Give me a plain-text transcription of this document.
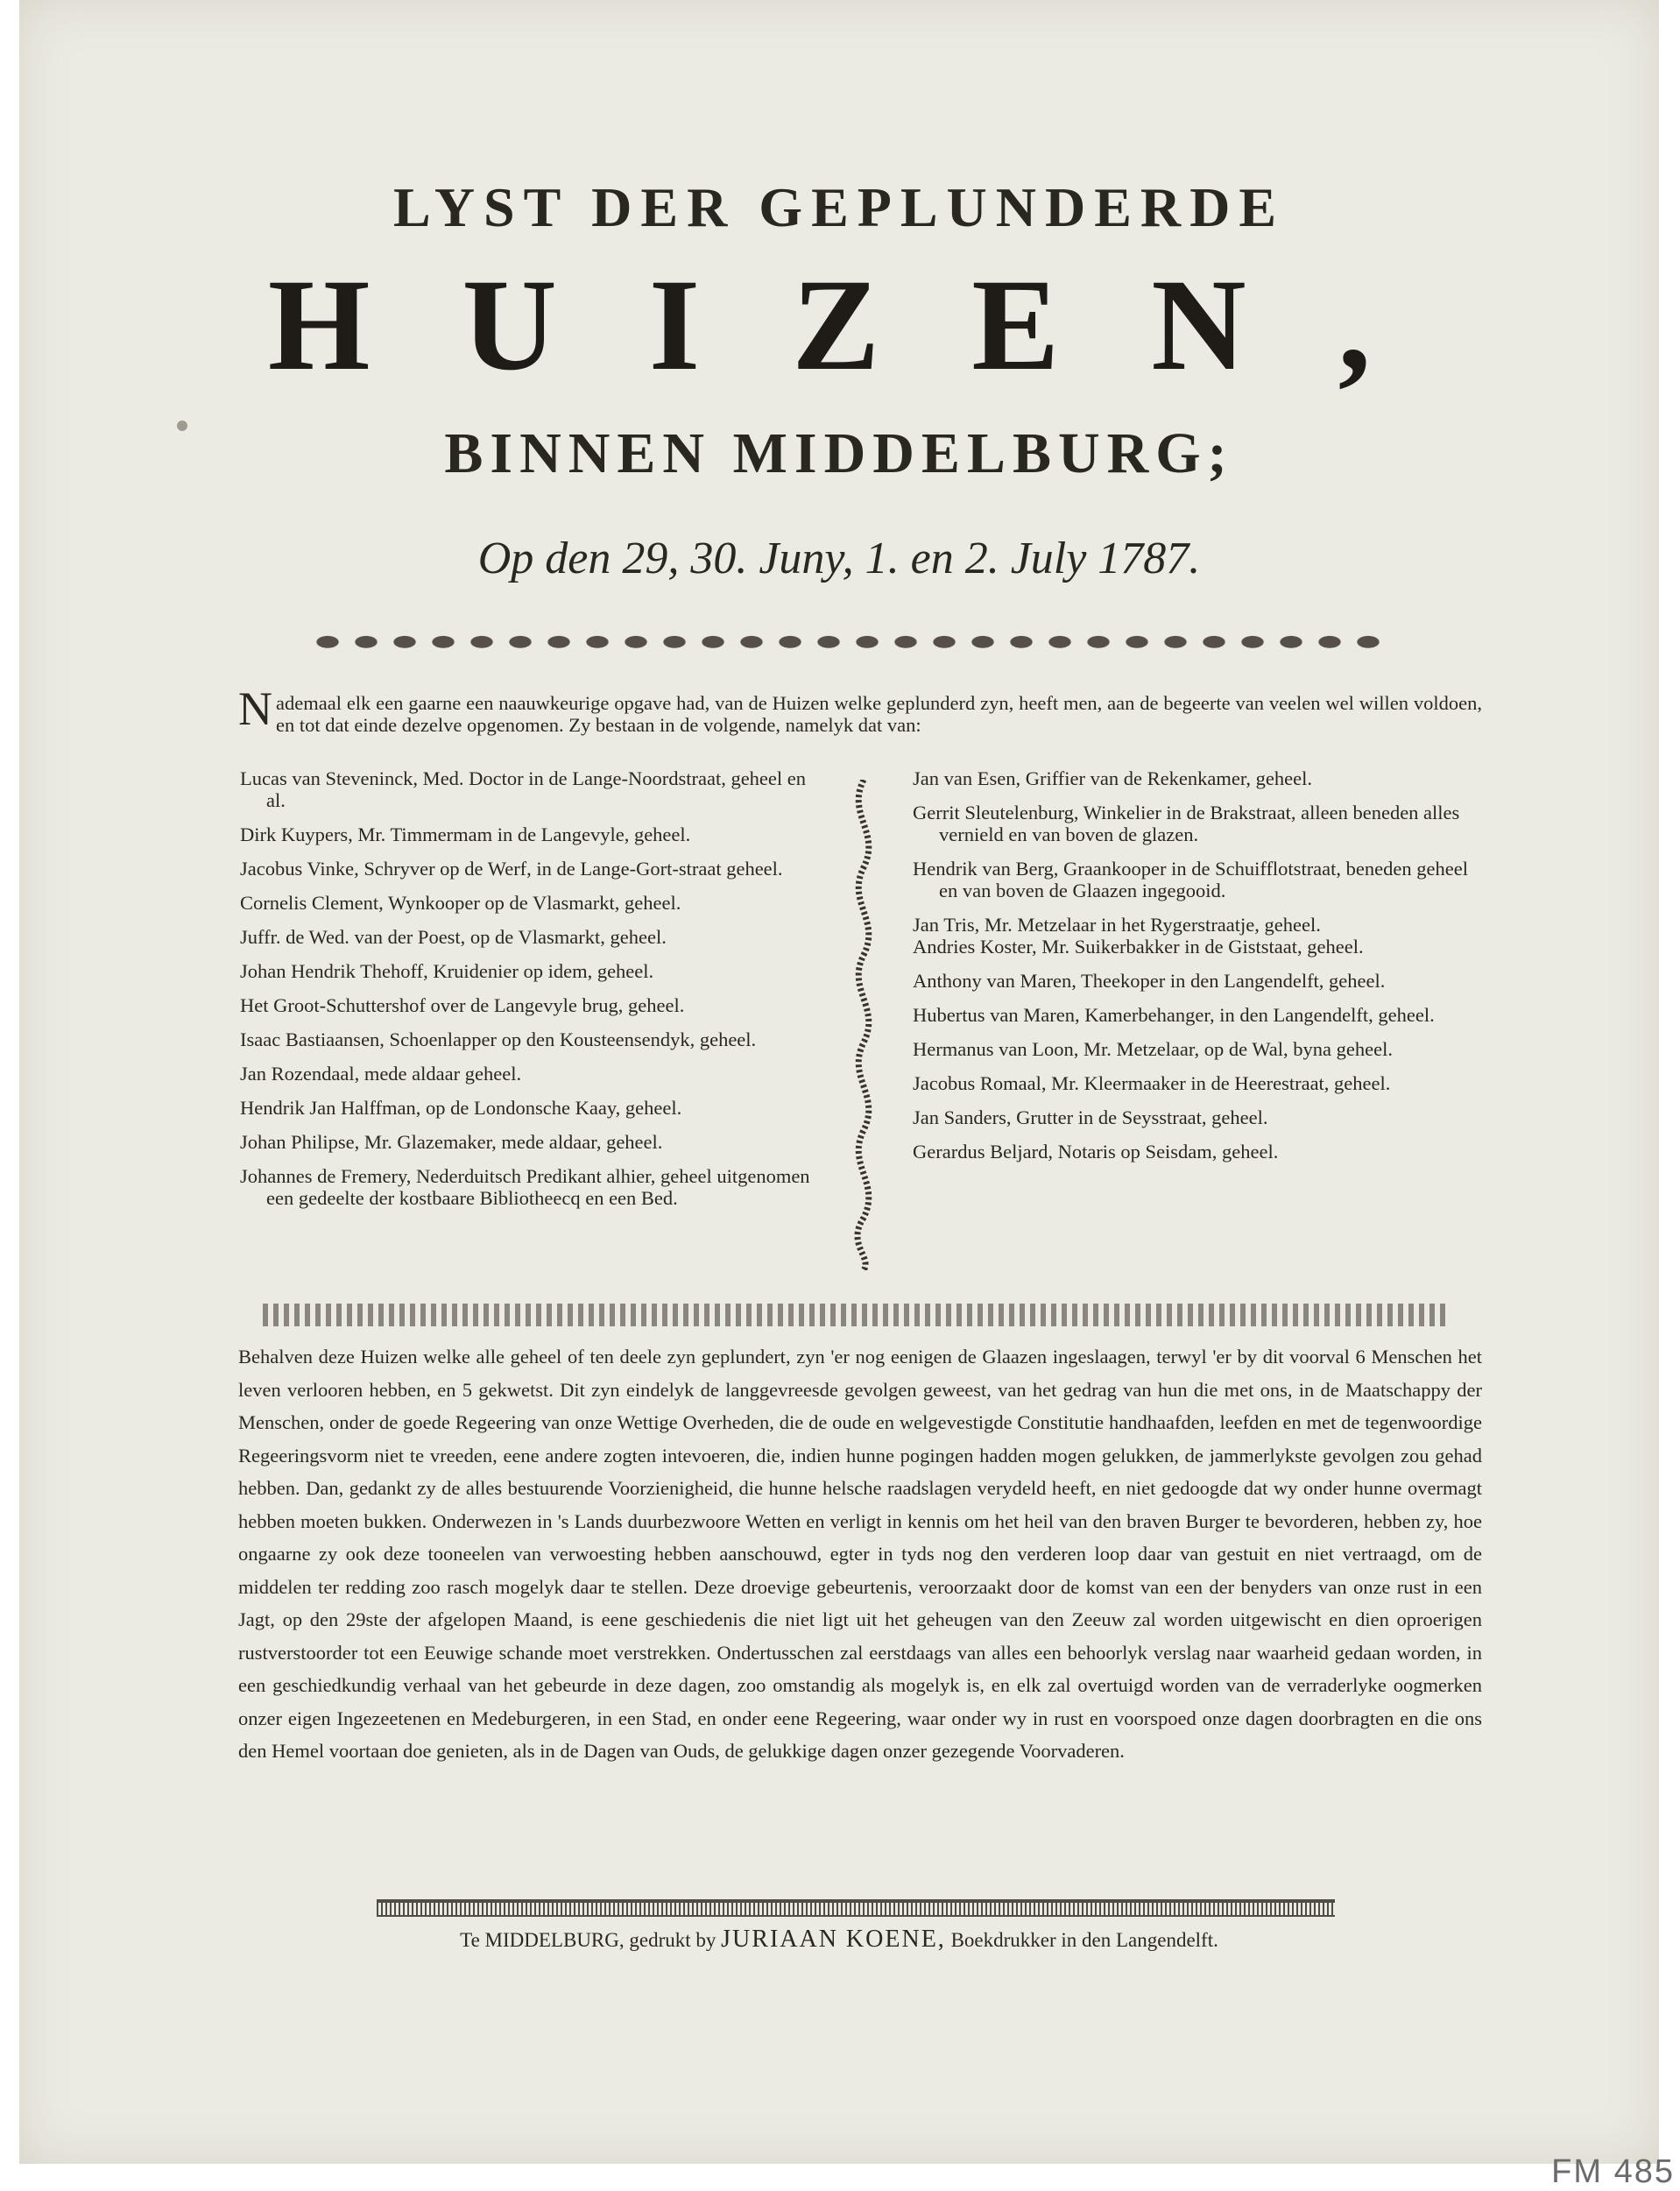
LYST DER GEPLUNDERDE
HUIZEN,
BINNEN MIDDELBURG;
Op den 29, 30. Juny, 1. en 2. July 1787.
Nademaal elk een gaarne een naauwkeurige opgave had, van de Huizen welke geplunderd zyn, heeft men, aan de begeerte van veelen wel willen voldoen, en tot dat einde dezelve opgenomen. Zy bestaan in de volgende, namelyk dat van:
Lucas van Steveninck, Med. Doctor in de Lange-Noordstraat, geheel en al.
Dirk Kuypers, Mr. Timmermam in de Langevyle, geheel.
Jacobus Vinke, Schryver op de Werf, in de Lange-Gort-straat geheel.
Cornelis Clement, Wynkooper op de Vlasmarkt, geheel.
Juffr. de Wed. van der Poest, op de Vlasmarkt, geheel.
Johan Hendrik Thehoff, Kruidenier op idem, geheel.
Het Groot-Schuttershof over de Langevyle brug, geheel.
Isaac Bastiaansen, Schoenlapper op den Kousteensendyk, geheel.
Jan Rozendaal, mede aldaar geheel.
Hendrik Jan Halffman, op de Londonsche Kaay, geheel.
Johan Philipse, Mr. Glazemaker, mede aldaar, geheel.
Johannes de Fremery, Nederduitsch Predikant alhier, geheel uitgenomen een gedeelte der kostbaare Bibliotheecq en een Bed.
Jan van Esen, Griffier van de Rekenkamer, geheel.
Gerrit Sleutelenburg, Winkelier in de Brakstraat, alleen beneden alles vernield en van boven de glazen.
Hendrik van Berg, Graankooper in de Schuifflotstraat, beneden geheel en van boven de Glaazen ingegooid.
Jan Tris, Mr. Metzelaar in het Rygerstraatje, geheel.
Andries Koster, Mr. Suikerbakker in de Giststaat, geheel.
Anthony van Maren, Theekoper in den Langendelft, geheel.
Hubertus van Maren, Kamerbehanger, in den Langendelft, geheel.
Hermanus van Loon, Mr. Metzelaar, op de Wal, byna geheel.
Jacobus Romaal, Mr. Kleermaaker in de Heerestraat, geheel.
Jan Sanders, Grutter in de Seysstraat, geheel.
Gerardus Beljard, Notaris op Seisdam, geheel.
Behalven deze Huizen welke alle geheel of ten deele zyn geplundert, zyn 'er nog eenigen de Glaazen ingeslaagen, terwyl 'er by dit voorval 6 Menschen het leven verlooren hebben, en 5 gekwetst. Dit zyn eindelyk de langgevreesde gevolgen geweest, van het gedrag van hun die met ons, in de Maatschappy der Menschen, onder de goede Regeering van onze Wettige Overheden, die de oude en welgevestigde Constitutie handhaafden, leefden en met de tegenwoordige Regeeringsvorm niet te vreeden, eene andere zogten intevoeren, die, indien hunne pogingen hadden mogen gelukken, de jammerlykste gevolgen zou gehad hebben. Dan, gedankt zy de alles bestuurende Voorzienigheid, die hunne helsche raadslagen verydeld heeft, en niet gedoogde dat wy onder hunne overmagt hebben moeten bukken. Onderwezen in 's Lands duurbezwoore Wetten en verligt in kennis om het heil van den braven Burger te bevorderen, hebben zy, hoe ongaarne zy ook deze tooneelen van verwoesting hebben aanschouwd, egter in tyds nog den verderen loop daar van gestuit en niet vertraagd, om de middelen ter redding zoo rasch mogelyk daar te stellen. Deze droevige gebeurtenis, veroorzaakt door de komst van een der benyders van onze rust in een Jagt, op den 29ste der afgelopen Maand, is eene geschiedenis die niet ligt uit het geheugen van den Zeeuw zal worden uitgewischt en dien oproerigen rustverstoorder tot een Eeuwige schande moet verstrekken. Ondertusschen zal eerstdaags van alles een behoorlyk verslag naar waarheid gedaan worden, in een geschiedkundig verhaal van het gebeurde in deze dagen, zoo omstandig als mogelyk is, en elk zal overtuigd worden van de verraderlyke oogmerken onzer eigen Ingezeetenen en Medeburgeren, in een Stad, en onder eene Regeering, waar onder wy in rust en voorspoed onze dagen doorbragten en die ons den Hemel voortaan doe genieten, als in de Dagen van Ouds, de gelukkige dagen onzer gezegende Voorvaderen.
Te MIDDELBURG, gedrukt by JURIAAN KOENE, Boekdrukker in den Langendelft.
FM 485
